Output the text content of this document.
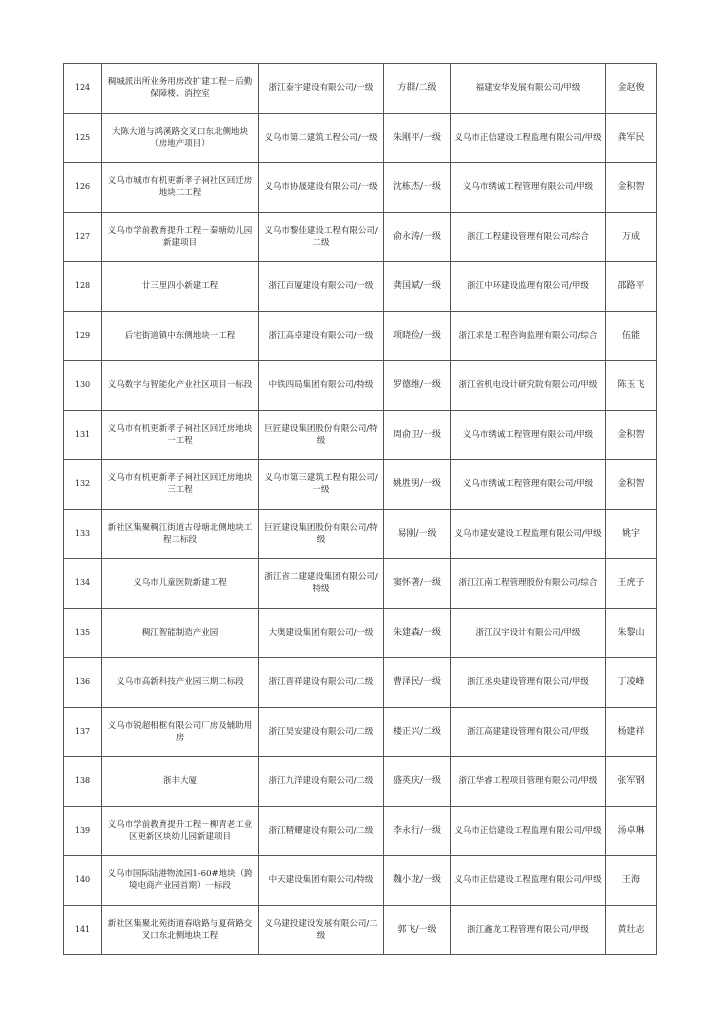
124	稠城派出所业务用房改扩建工程－后勤保障楼、消控室	浙江泰宇建设有限公司/一级	方群/二级	福建安华发展有限公司/甲级	金赵俊
125	大陈大道与鸿溪路交叉口东北侧地块（房地产项目）	义乌市第二建筑工程公司/一级	朱刚平/一级	义乌市正信建设工程监理有限公司/甲级	龚军民
126	义乌市城市有机更新孝子祠社区回迁房地块二工程	义乌市协晟建设有限公司/一级	沈栋杰/一级	义乌市绣诚工程管理有限公司/甲级	金积智
127	义乌市学前教育提升工程－秦塘幼儿园新建项目	义乌市黎佳建设工程有限公司/二级	俞永涛/一级	浙江工程建设管理有限公司/综合	万成
128	廿三里四小新建工程	浙江百厦建设有限公司/一级	龚国斌/一级	浙江中环建设监理有限公司/甲级	邵路平
129	后宅街道镇中东侧地块一工程	浙江高卓建设有限公司/一级	项晓俭/一级	浙江求是工程咨询监理有限公司/综合	伍能
130	义乌数字与智能化产业社区项目一标段	中铁四局集团有限公司/特级	罗德维/一级	浙江省机电设计研究院有限公司/甲级	陈玉飞
131	义乌市有机更新孝子祠社区回迁房地块一工程	巨匠建设集团股份有限公司/特级	周俞卫/一级	义乌市绣诚工程管理有限公司/甲级	金积智
132	义乌市有机更新孝子祠社区回迁房地块三工程	义乌市第三建筑工程有限公司/一级	姚胜男/一级	义乌市绣诚工程管理有限公司/甲级	金积智
133	新社区集聚稠江街道古母塘北侧地块工程二标段	巨匠建设集团股份有限公司/特级	易刚/一级	义乌市建安建设工程监理有限公司/甲级	姚宇
134	义乌市儿童医院新建工程	浙江省二建建设集团有限公司/特级	窦怀著/一级	浙江江南工程管理股份有限公司/综合	王虎子
135	稠江智能制造产业园	大奥建设集团有限公司/一级	朱建森/一级	浙江汉宇设计有限公司/甲级	朱黎山
136	义乌市高新科技产业园三期二标段	浙江晋祥建设有限公司/二级	曹泽民/一级	浙江丞央建设管理有限公司/甲级	丁凌峰
137	义乌市锐超相框有限公司厂房及辅助用房	浙江昊安建设有限公司/二级	楼正兴/二级	浙江高建建设管理有限公司/甲级	杨建祥
138	浙丰大厦	浙江九洋建设有限公司/二级	盛英庆/一级	浙江华睿工程项目管理有限公司/甲级	张军钢
139	义乌市学前教育提升工程－柳青老工业区更新区块幼儿园新建项目	浙江精耀建设有限公司/二级	李永行/一级	义乌市正信建设工程监理有限公司/甲级	汤卓琳
140	义乌市国际陆港物流园1-60#地块（跨境电商产业园首期）一标段	中天建设集团有限公司/特级	魏小龙/一级	义乌市正信建设工程监理有限公司/甲级	王海
141	新社区集聚北苑街道春晗路与夏荷路交叉口东北侧地块工程	义乌建投建设发展有限公司/二级	郭飞/一级	浙江鑫龙工程管理有限公司/甲级	黄壮志
